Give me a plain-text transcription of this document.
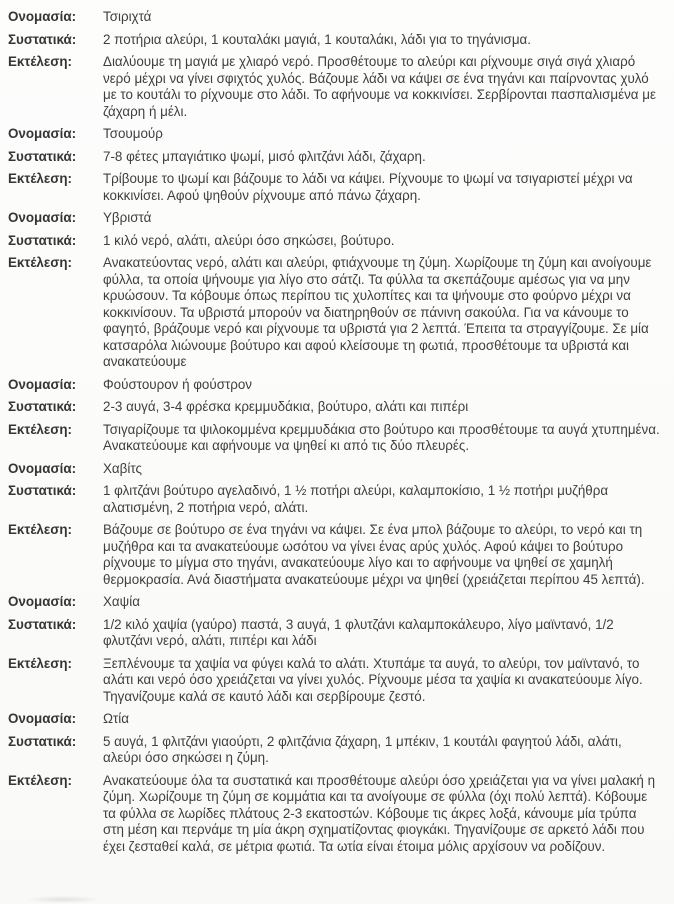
Ονομασία:	Τσιριχτά
Συστατικά:	2 ποτήρια αλεύρι, 1 κουταλάκι μαγιά, 1 κουταλάκι, λάδι για το τηγάνισμα.
Εκτέλεση:	Διαλύουμε τη μαγιά με χλιαρό νερό. Προσθέτουμε το αλεύρι και ρίχνουμε σιγά σιγά χλιαρό νερό μέχρι να γίνει σφιχτός χυλός. Βάζουμε λάδι να κάψει σε ένα τηγάνι και παίρνοντας χυλό με το κουτάλι το ρίχνουμε στο λάδι. Το αφήνουμε να κοκκινίσει. Σερβίρονται πασπαλισμένα με ζάχαρη ή μέλι.
Ονομασία:	Τσουμούρ
Συστατικά:	7-8 φέτες μπαγιάτικο ψωμί, μισό φλιτζάνι λάδι, ζάχαρη.
Εκτέλεση:	Τρίβουμε το ψωμί και βάζουμε το λάδι να κάψει. Ρίχνουμε το ψωμί να τσιγαριστεί μέχρι να κοκκινίσει. Αφού ψηθούν ρίχνουμε από πάνω ζάχαρη.
Ονομασία:	Υβριστά
Συστατικά:	1 κιλό νερό, αλάτι, αλεύρι όσο σηκώσει, βούτυρο.
Εκτέλεση:	Ανακατεύοντας νερό, αλάτι και αλεύρι, φτιάχνουμε τη ζύμη. Χωρίζουμε τη ζύμη και ανοίγουμε φύλλα, τα οποία ψήνουμε για λίγο στο σάτζι. Τα φύλλα τα σκεπάζουμε αμέσως για να μην κρυώσουν. Τα κόβουμε όπως περίπου τις χυλοπίτες και τα ψήνουμε στο φούρνο μέχρι να κοκκινίσουν. Τα υβριστά μπορούν να διατηρηθούν σε πάνινη σακούλα. Για να κάνουμε το φαγητό, βράζουμε νερό και ρίχνουμε τα υβριστά για 2 λεπτά. Έπειτα τα στραγγίζουμε. Σε μία κατσαρόλα λιώνουμε βούτυρο και αφού κλείσουμε τη φωτιά, προσθέτουμε τα υβριστά και ανακατεύουμε
Ονομασία:	Φούστουρον ή φούστρον
Συστατικά:	2-3 αυγά, 3-4 φρέσκα κρεμμυδάκια, βούτυρο, αλάτι και πιπέρι
Εκτέλεση:	Τσιγαρίζουμε τα ψιλοκομμένα κρεμμυδάκια στο βούτυρο και προσθέτουμε τα αυγά χτυπημένα. Ανακατεύουμε και αφήνουμε να ψηθεί κι από τις δύο πλευρές.
Ονομασία:	Χαβίτς
Συστατικά:	1 φλιτζάνι βούτυρο αγελαδινό, 1 ½ ποτήρι αλεύρι, καλαμποκίσιο, 1 ½ ποτήρι μυζήθρα αλατισμένη, 2 ποτήρια νερό, αλάτι.
Εκτέλεση:	Βάζουμε σε βούτυρο σε ένα τηγάνι να κάψει. Σε ένα μπολ βάζουμε το αλεύρι, το νερό και τη μυζήθρα και τα ανακατεύουμε ωσότου να γίνει ένας αρύς χυλός. Αφού κάψει το βούτυρο ρίχνουμε το μίγμα στο τηγάνι, ανακατεύουμε λίγο και το αφήνουμε να ψηθεί σε χαμηλή θερμοκρασία. Ανά διαστήματα ανακατεύουμε μέχρι να ψηθεί (χρειάζεται περίπου 45 λεπτά).
Ονομασία:	Χαψία
Συστατικά:	1/2 κιλό χαψία (γαύρο) παστά, 3 αυγά, 1 φλυτζάνι καλαμποκάλευρο, λίγο μαϊντανό, 1/2 φλυτζάνι νερό, αλάτι, πιπέρι και λάδι
Εκτέλεση:	Ξεπλένουμε τα χαψία να φύγει καλά το αλάτι. Χτυπάμε τα αυγά, το αλεύρι, τον μαϊντανό, το αλάτι και νερό όσο χρειάζεται να γίνει χυλός. Ρίχνουμε μέσα τα χαψία κι ανακατεύουμε λίγο. Τηγανίζουμε καλά σε καυτό λάδι και σερβίρουμε ζεστό.
Ονομασία:	Ωτία
Συστατικά:	5 αυγά, 1 φλιτζάνι γιαούρτι, 2 φλιτζάνια ζάχαρη, 1 μπέκιν, 1 κουτάλι φαγητού λάδι, αλάτι, αλεύρι όσο σηκώσει η ζύμη.
Εκτέλεση:	Ανακατεύουμε όλα τα συστατικά και προσθέτουμε αλεύρι όσο χρειάζεται για να γίνει μαλακή η ζύμη. Χωρίζουμε τη ζύμη σε κομμάτια και τα ανοίγουμε σε φύλλα (όχι πολύ λεπτά). Κόβουμε τα φύλλα σε λωρίδες πλάτους 2-3 εκατοστών. Κόβουμε τις άκρες λοξά, κάνουμε μία τρύπα στη μέση και περνάμε τη μία άκρη σχηματίζοντας φιογκάκι. Τηγανίζουμε σε αρκετό λάδι που έχει ζεσταθεί καλά, σε μέτρια φωτιά. Τα ωτία είναι έτοιμα μόλις αρχίσουν να ροδίζουν.
